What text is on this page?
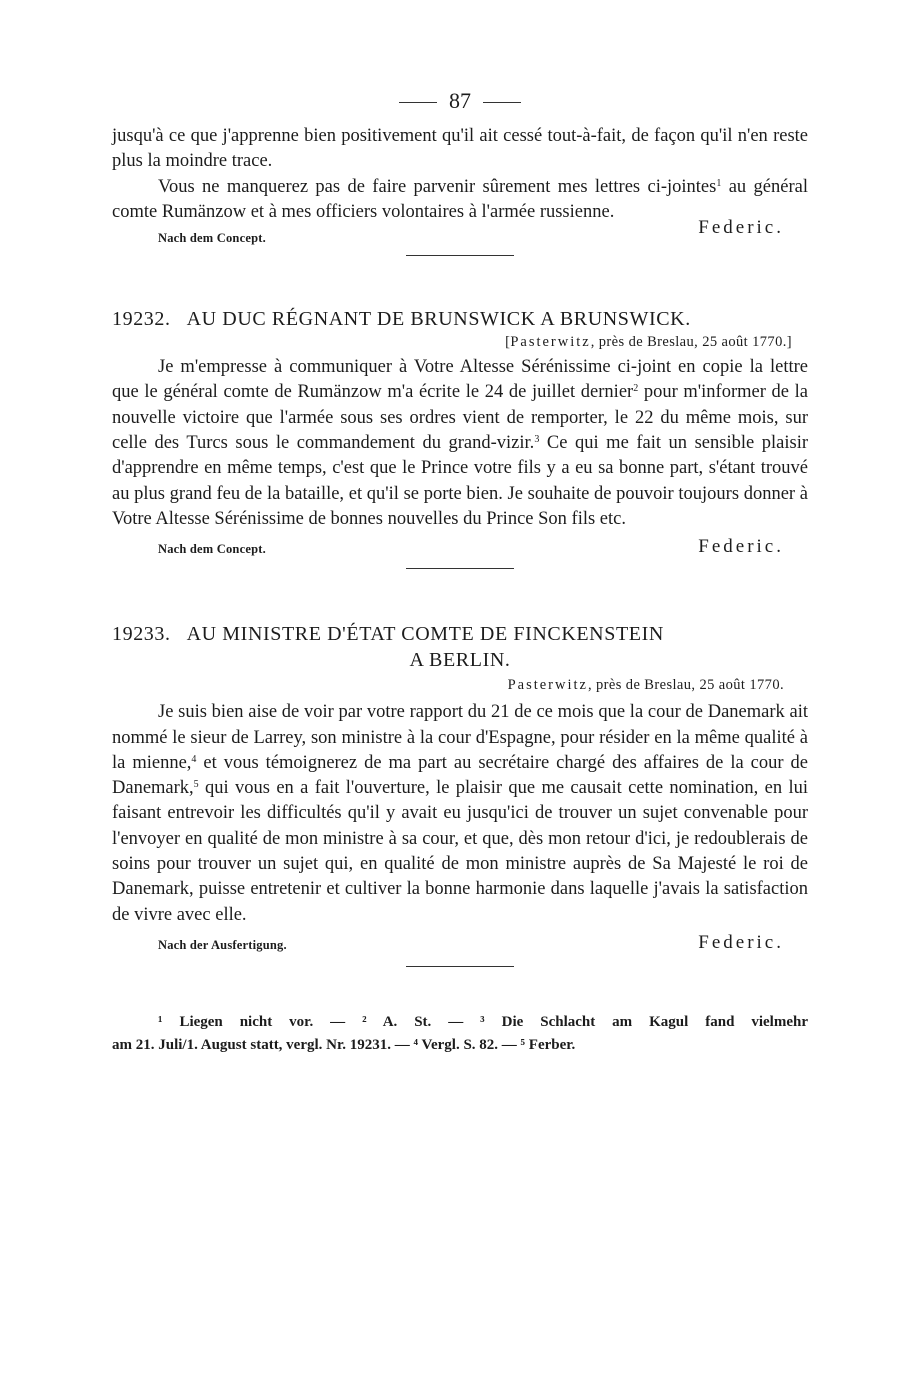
87

jusqu'à ce que j'apprenne bien positivement qu'il ait cessé tout-à-fait, de façon qu'il n'en reste plus la moindre trace.

Vous ne manquerez pas de faire parvenir sûrement mes lettres ci-jointes$^1$ au général comte Rumänzow et à mes officiers volontaires à l'armée russienne.

Nach dem Concept.	Federic.
19232. AU DUC RÉGNANT DE BRUNSWICK A BRUNSWICK.
[Pasterwitz, près de Breslau, 25 août 1770.]

Je m'empresse à communiquer à Votre Altesse Sérénissime ci-joint en copie la lettre que le général comte de Rumänzow m'a écrite le 24 de juillet dernier$^2$ pour m'informer de la nouvelle victoire que l'armée sous ses ordres vient de remporter, le 22 du même mois, sur celle des Turcs sous le commandement du grand-vizir.$^3$ Ce qui me fait un sensible plaisir d'apprendre en même temps, c'est que le Prince votre fils y a eu sa bonne part, s'étant trouvé au plus grand feu de la bataille, et qu'il se porte bien. Je souhaite de pouvoir toujours donner à Votre Altesse Sérénissime de bonnes nouvelles du Prince Son fils etc.

Nach dem Concept.	Federic.
19233. AU MINISTRE D'ÉTAT COMTE DE FINCKENSTEIN
A BERLIN.
Pasterwitz, près de Breslau, 25 août 1770.

Je suis bien aise de voir par votre rapport du 21 de ce mois que la cour de Danemark ait nommé le sieur de Larrey, son ministre à la cour d'Espagne, pour résider en la même qualité à la mienne,$^4$ et vous témoignerez de ma part au secrétaire chargé des affaires de la cour de Danemark,$^5$ qui vous en a fait l'ouverture, le plaisir que me causait cette nomination, en lui faisant entrevoir les difficultés qu'il y avait eu jusqu'ici de trouver un sujet convenable pour l'envoyer en qualité de mon ministre à sa cour, et que, dès mon retour d'ici, je redoublerais de soins pour trouver un sujet qui, en qualité de mon ministre auprès de Sa Majesté le roi de Danemark, puisse entretenir et cultiver la bonne harmonie dans laquelle j'avais la satisfaction de vivre avec elle.

Nach der Ausfertigung.	Federic.
¹ Liegen nicht vor. — ² A. St. — ³ Die Schlacht am Kagul fand vielmehr
am 21. Juli/1. August statt, vergl. Nr. 19231. — ⁴ Vergl. S. 82. — ⁵ Ferber.
